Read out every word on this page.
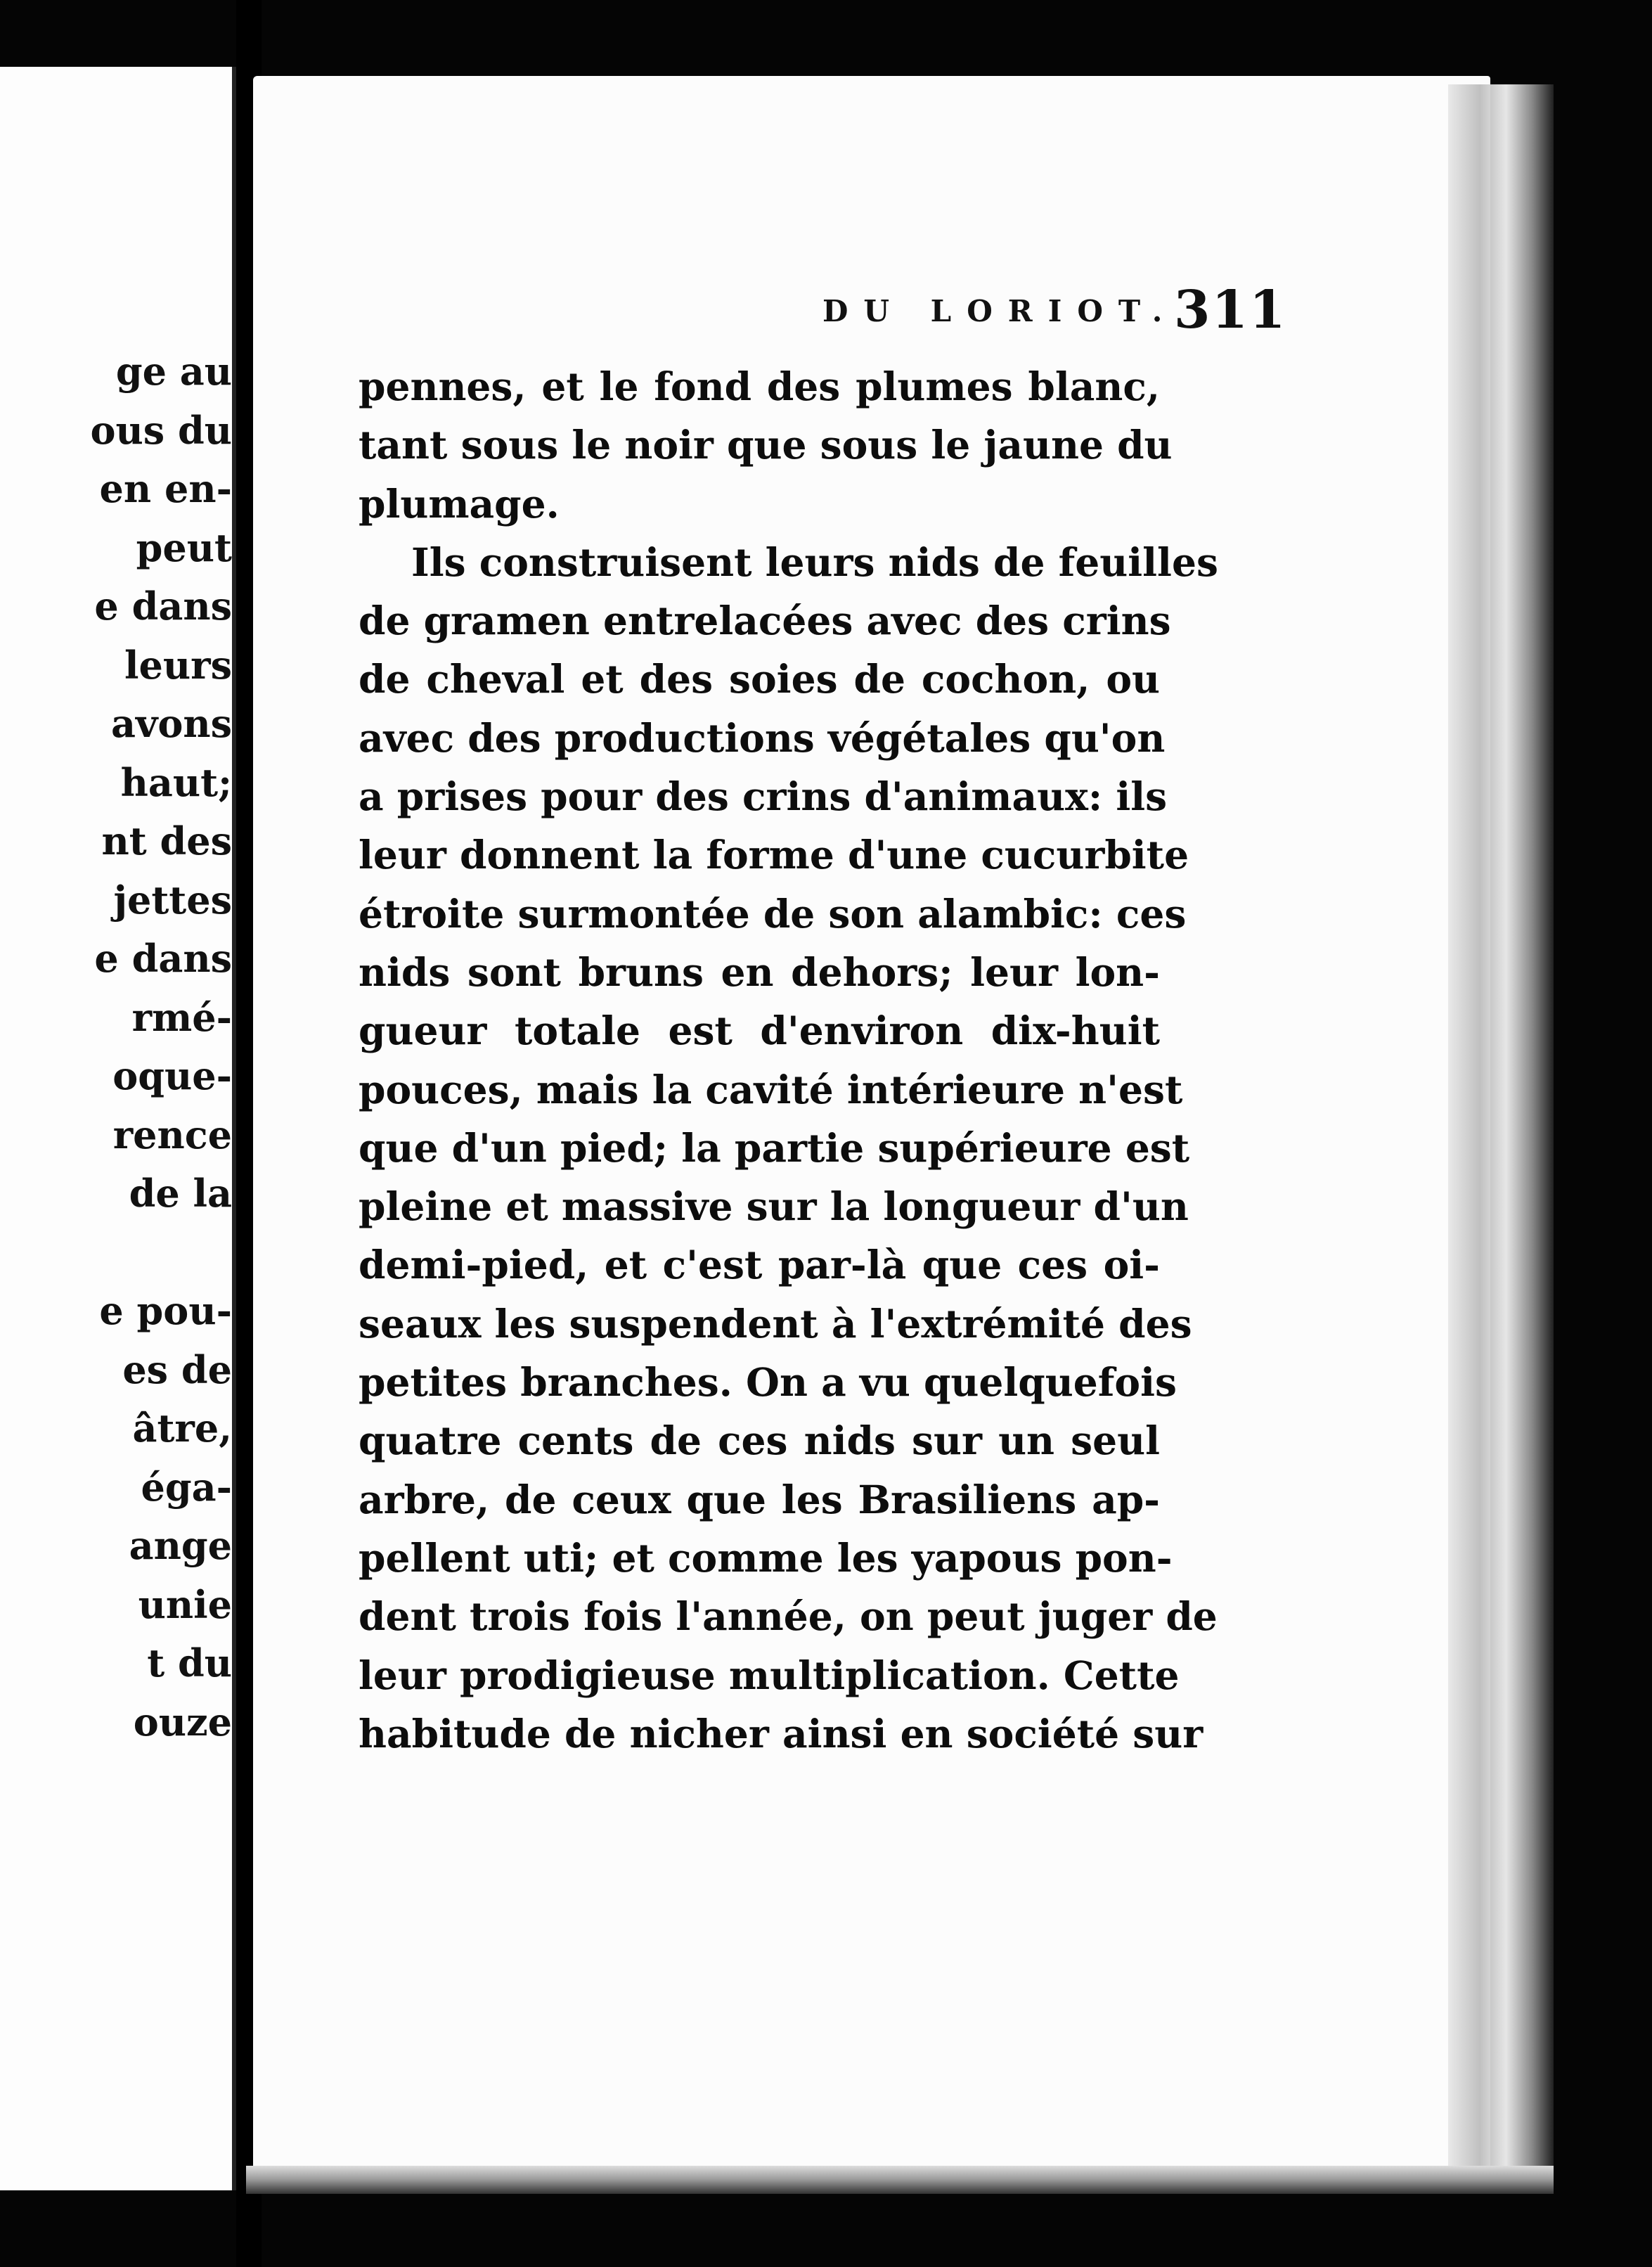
ge au
ous du
en en-
peut
e dans
leurs
avons
haut;
nt des
jettes
e dans
rmé-
oque-
rence
de la
e pou-
es de
âtre,
éga-
ange
unie
t du
ouze
DU LORIOT.
311
pennes, et le fond des plumes blanc,
tant sous le noir que sous le jaune du
plumage.
Ils construisent leurs nids de feuilles
de gramen entrelacées avec des crins
de cheval et des soies de cochon, ou
avec des productions végétales qu'on
a prises pour des crins d'animaux: ils
leur donnent la forme d'une cucurbite
étroite surmontée de son alambic: ces
nids sont bruns en dehors; leur lon-
gueur totale est d'environ dix-huit
pouces, mais la cavité intérieure n'est
que d'un pied; la partie supérieure est
pleine et massive sur la longueur d'un
demi-pied, et c'est par-là que ces oi-
seaux les suspendent à l'extrémité des
petites branches. On a vu quelquefois
quatre cents de ces nids sur un seul
arbre, de ceux que les Brasiliens ap-
pellent uti; et comme les yapous pon-
dent trois fois l'année, on peut juger de
leur prodigieuse multiplication. Cette
habitude de nicher ainsi en société sur
